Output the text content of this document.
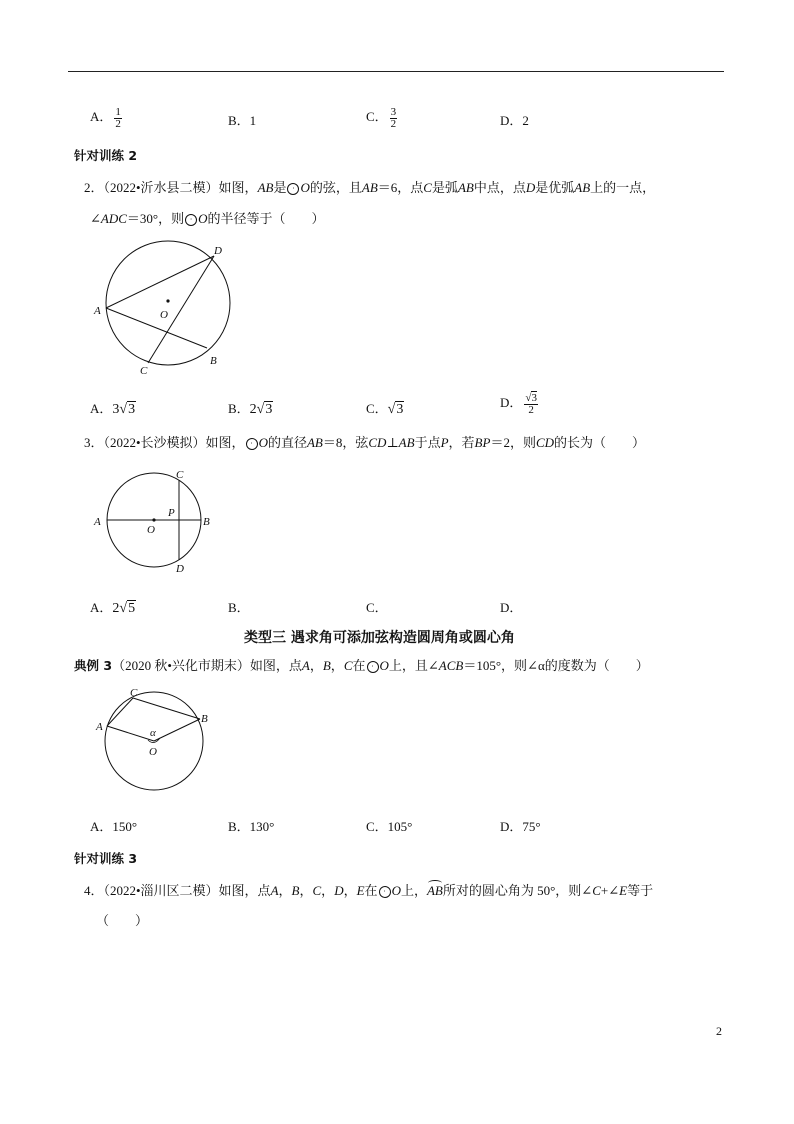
A． $\frac{1}{2}$	B．1	C． $\frac{3}{2}$	D．2
针对训练 2
2．（2022•沂水县二模）如图，AB是 · O的弦，且AB＝6，点C是弧AB中点，点D是优弧AB上的一点，
∠ADC＝30°，则 · O的半径等于（　　）
A
B
C
D
O
A．3√3	B．2√3	C．√3	D． $\frac{√3}{2}$
3．（2022•长沙模拟）如图， · O的直径AB＝8，弦CD⊥AB于点P，若BP＝2，则CD的长为（　　）
A	B
C
D
O
P
A．2√5	B．	C．	D．
类型三 遇求角可添加弦构造圆周角或圆心角
典例 3（2020 秋•兴化市期末）如图，点A，B，C在 · O上，且∠ACB＝105°，则∠α的度数为（　　）
A
B
C
O
α
A．150°	B．130°	C．105°	D．75°
针对训练 3
4．（2022•淄川区二模）如图，点A，B，C，D，E在 · O上，AB所对的圆心角为 50°，则∠C+∠E等于
（　　）
2
